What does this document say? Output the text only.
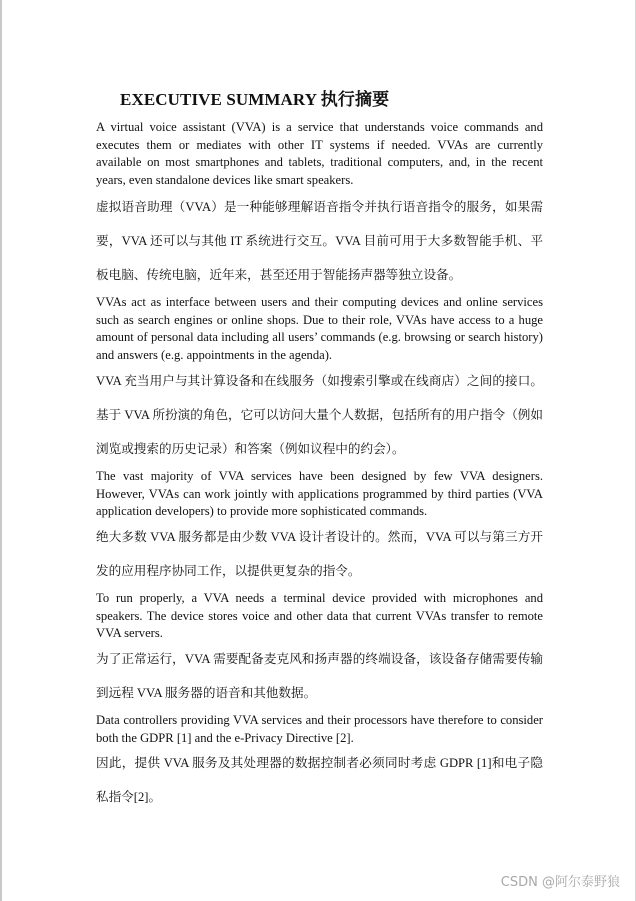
EXECUTIVE SUMMARY 执行摘要
A virtual voice assistant (VVA) is a service that understands voice commands and executes them or mediates with other IT systems if needed. VVAs are currently available on most smartphones and tablets, traditional computers, and, in the recent years, even standalone devices like smart speakers.
虚拟语音助理（VVA）是一种能够理解语音指令并执行语音指令的服务，如果需要，VVA 还可以与其他 IT 系统进行交互。VVA 目前可用于大多数智能手机、平板电脑、传统电脑，近年来，甚至还用于智能扬声器等独立设备。
VVAs act as interface between users and their computing devices and online services such as search engines or online shops. Due to their role, VVAs have access to a huge amount of personal data including all users’ commands (e.g. browsing or search history) and answers (e.g. appointments in the agenda).
VVA 充当用户与其计算设备和在线服务（如搜索引擎或在线商店）之间的接口。基于 VVA 所扮演的角色，它可以访问大量个人数据，包括所有的用户指令（例如浏览或搜索的历史记录）和答案（例如议程中的约会）。
The vast majority of VVA services have been designed by few VVA designers. However, VVAs can work jointly with applications programmed by third parties (VVA application developers) to provide more sophisticated commands.
绝大多数 VVA 服务都是由少数 VVA 设计者设计的。然而，VVA 可以与第三方开发的应用程序协同工作，以提供更复杂的指令。
To run properly, a VVA needs a terminal device provided with microphones and speakers. The device stores voice and other data that current VVAs transfer to remote VVA servers.
为了正常运行，VVA 需要配备麦克风和扬声器的终端设备，该设备存储需要传输到远程 VVA 服务器的语音和其他数据。
Data controllers providing VVA services and their processors have therefore to consider both the GDPR [1] and the e-Privacy Directive [2].
因此，提供 VVA 服务及其处理器的数据控制者必须同时考虑 GDPR [1]和电子隐私指令[2]。
CSDN @阿尔泰野狼
